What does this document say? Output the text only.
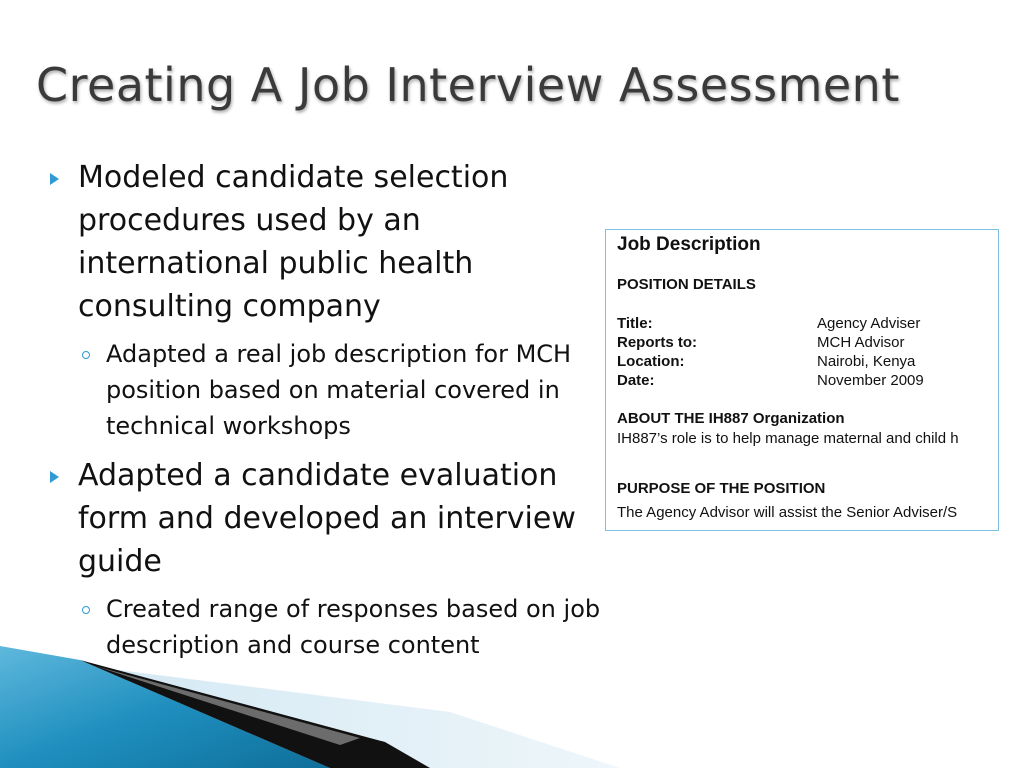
Creating A Job Interview Assessment
Modeled candidate selection procedures used by an international public health consulting company
Adapted a real job description for MCH position based on material covered in technical workshops
Adapted a candidate evaluation form and developed an interview guide
Created range of responses based on job description and course content
Job Description
POSITION DETAILS
Title:	Agency Adviser
Reports to:	MCH Advisor
Location:	Nairobi, Kenya
Date:	November 2009
ABOUT THE IH887 Organization
IH887’s role is to help manage maternal and child h
PURPOSE OF THE POSITION
The Agency Advisor will assist the Senior Adviser/S
